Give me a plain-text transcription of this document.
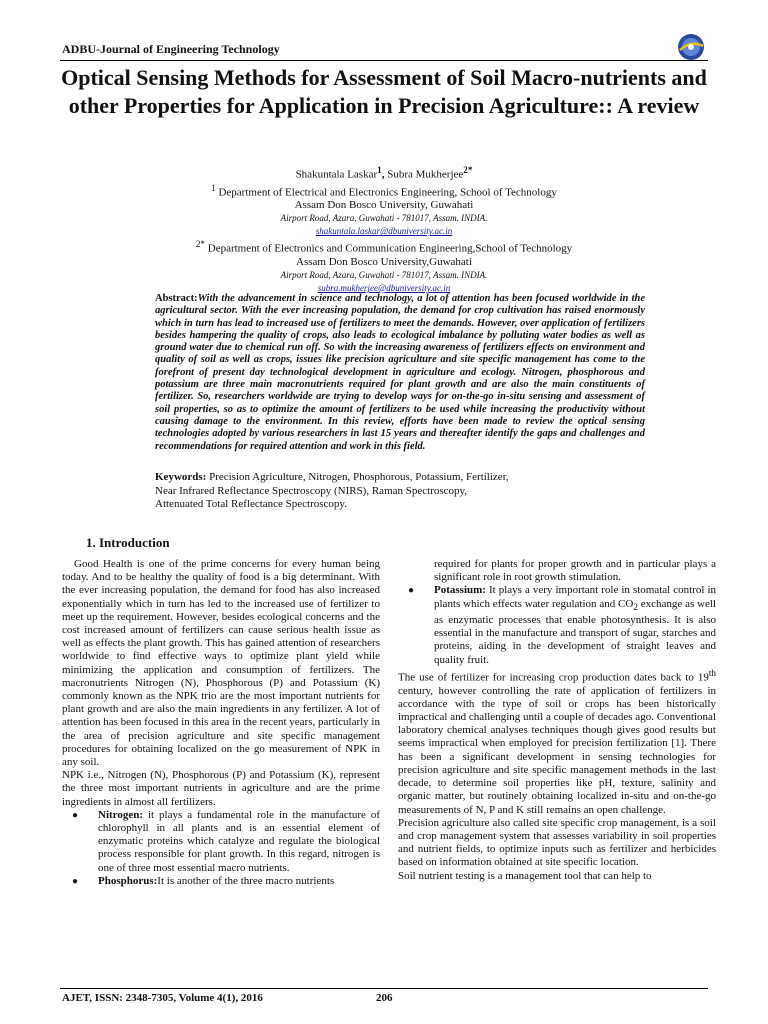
ADBU-Journal of Engineering Technology
Optical Sensing Methods for Assessment of Soil Macro-nutrients and other Properties for Application in Precision Agriculture:: A review
Shakuntala Laskar$^1$, Subra Mukherjee$^{2*}$
$^1$ Department of Electrical and Electronics Engineering, School of Technology
Assam Don Bosco University, Guwahati
Airport Road, Azara, Guwahati - 781017, Assam. INDIA.
shakuntala.laskar@dbuniversity.ac.in
$^{2*}$ Department of Electronics and Communication Engineering,School of Technology
Assam Don Bosco University,Guwahati
Airport Road, Azara, Guwahati - 781017, Assam. INDIA.
subra.mukherjee@dbuniversity.ac.in
Abstract:With the advancement in science and technology, a lot of attention has been focused worldwide in the agricultural sector. With the ever increasing population, the demand for crop cultivation has raised enormously which in turn has lead to increased use of fertilizers to meet the demands. However, over application of fertilizers besides hampering the quality of crops, also leads to ecological imbalance by polluting water bodies as well as ground water due to chemical run off. So with the increasing awareness of fertilizers effects on environment and quality of soil as well as crops, issues like precision agriculture and site specific management has come to the forefront of present day technological development in agriculture and ecology. Nitrogen, phosphorous and potassium are three main macronutrients required for plant growth and are also the main constituents of fertilizer. So, researchers worldwide are trying to develop ways for on-the-go in-situ sensing and assessment of soil properties, so as to optimize the amount of fertilizers to be used while increasing the productivity without causing damage to the environment. In this review, efforts have been made to review the optical sensing technologies adopted by various researchers in last 15 years and thereafter identify the gaps and challenges and recommendations for required attention and work in this field.
Keywords: Precision Agriculture, Nitrogen, Phosphorous, Potassium, Fertilizer,
Near Infrared Reflectance Spectroscopy (NIRS), Raman Spectroscopy,
Attenuated Total Reflectance Spectroscopy.
1. Introduction

Good Health is one of the prime concerns for every human being today. And to be healthy the quality of food is a big determinant. With the ever increasing population, the demand for food has also increased exponentially which in turn has led to the increased use of fertilizer to meet up the requirement. However, besides ecological concerns and the cost increased amount of fertilizers can cause serious health issue as well as effects the plant growth. This has gained attention of researchers worldwide to find effective ways to optimize plant yield while minimizing the application and consumption of fertilizers. The macronutrients Nitrogen (N), Phosphorous (P) and Potassium (K) commonly known as the NPK trio are the most important nutrients for plant growth and are also the main ingredients in any fertilizer. A lot of attention has been focused in this area in the recent years, particularly in the area of precision agriculture and site specific management procedures for obtaining localized on the go measurement of NPK in any soil.

NPK i.e., Nitrogen (N), Phosphorous (P) and Potassium (K), represent the three most important nutrients in agriculture and are the prime ingredients in almost all fertilizers.

● Nitrogen: it plays a fundamental role in the manufacture of chlorophyll in all plants and is an essential element of enzymatic proteins which catalyze and regulate the biological process responsible for plant growth. In this regard, nitrogen is one of three most essential macro nutrients.

● Phosphorus:It is another of the three macro nutrients

required for plants for proper growth and in particular plays a significant role in root growth stimulation.

● Potassium: It plays a very important role in stomatal control in plants which effects water regulation and $CO_2$ exchange as well as enzymatic processes that enable photosynthesis. It is also essential in the manufacture and transport of sugar, starches and proteins, aiding in the development of straight leaves and quality fruit.

The use of fertilizer for increasing crop production dates back to 19th century, however controlling the rate of application of fertilizers in accordance with the type of soil or crops has been historically impractical and challenging until a couple of decades ago. Conventional laboratory chemical analyses techniques though gives good results but seems impractical when employed for precision fertilization [1]. There has been a significant development in sensing technologies for precision agriculture and site specific management methods in the last decade, to determine soil properties like pH, texture, salinity and organic matter, but routinely obtaining localized in-situ and on-the-go measurements of N, P and K still remains an open challenge.

Precision agriculture also called site specific crop management, is a soil and crop management system that assesses variability in soil properties and nutrient fields, to optimize inputs such as fertilizer and herbicides based on information obtained at site specific location.

Soil nutrient testing is a management tool that can help to

AJET, ISSN: 2348-7305, Volume 4(1), 2016	206
